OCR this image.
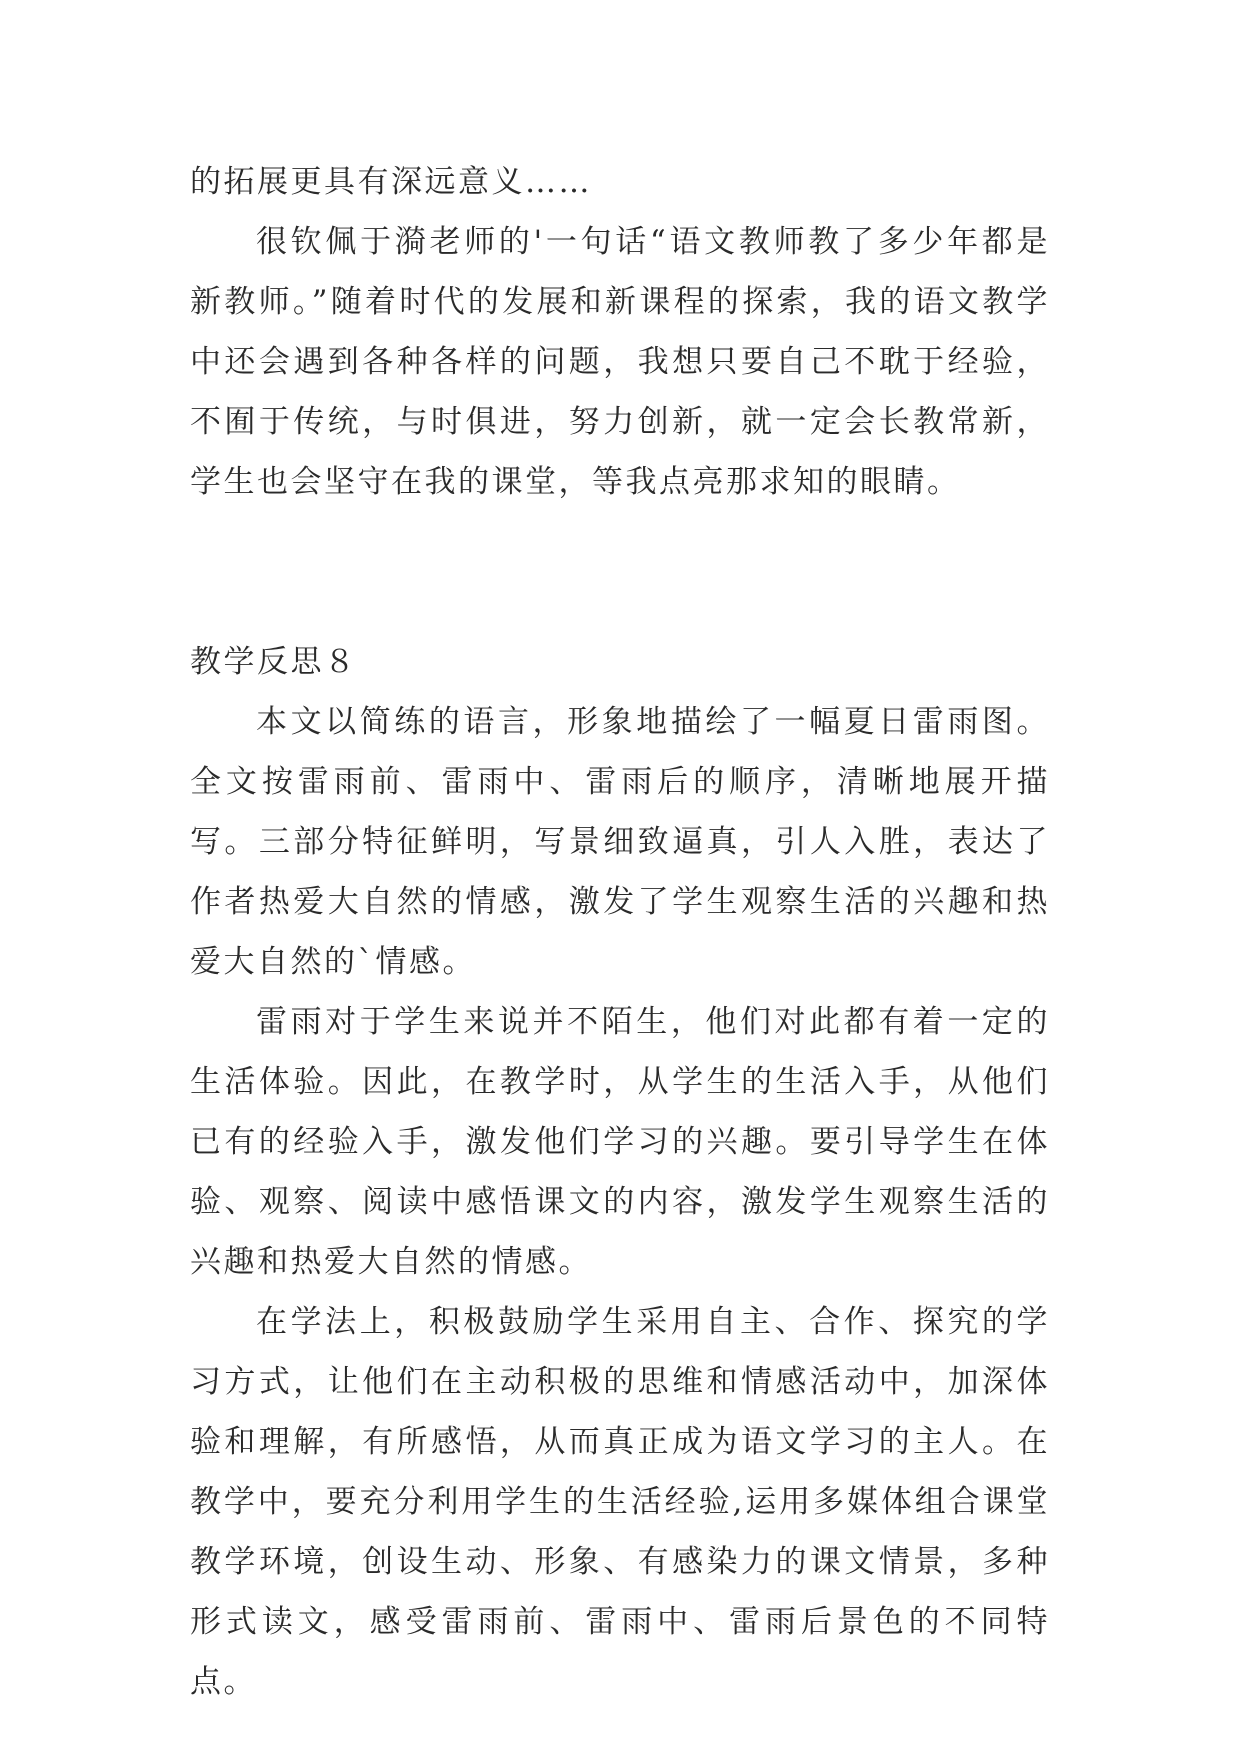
的拓展更具有深远意义……

很钦佩于漪老师的'一句话“语文教师教了多少年都是新教师。”随着时代的发展和新课程的探索，我的语文教学中还会遇到各种各样的问题，我想只要自己不耽于经验，不囿于传统，与时俱进，努力创新，就一定会长教常新，学生也会坚守在我的课堂，等我点亮那求知的眼睛。

教学反思８

本文以简练的语言，形象地描绘了一幅夏日雷雨图。全文按雷雨前、雷雨中、雷雨后的顺序，清晰地展开描写。三部分特征鲜明，写景细致逼真，引人入胜，表达了作者热爱大自然的情感，激发了学生观察生活的兴趣和热爱大自然的`情感。

雷雨对于学生来说并不陌生，他们对此都有着一定的生活体验。因此，在教学时，从学生的生活入手，从他们已有的经验入手，激发他们学习的兴趣。要引导学生在体验、观察、阅读中感悟课文的内容，激发学生观察生活的兴趣和热爱大自然的情感。

在学法上，积极鼓励学生采用自主、合作、探究的学习方式，让他们在主动积极的思维和情感活动中，加深体验和理解，有所感悟，从而真正成为语文学习的主人。在教学中，要充分利用学生的生活经验,运用多媒体组合课堂教学环境，创设生动、形象、有感染力的课文情景，多种形式读文，感受雷雨前、雷雨中、雷雨后景色的不同特点。
